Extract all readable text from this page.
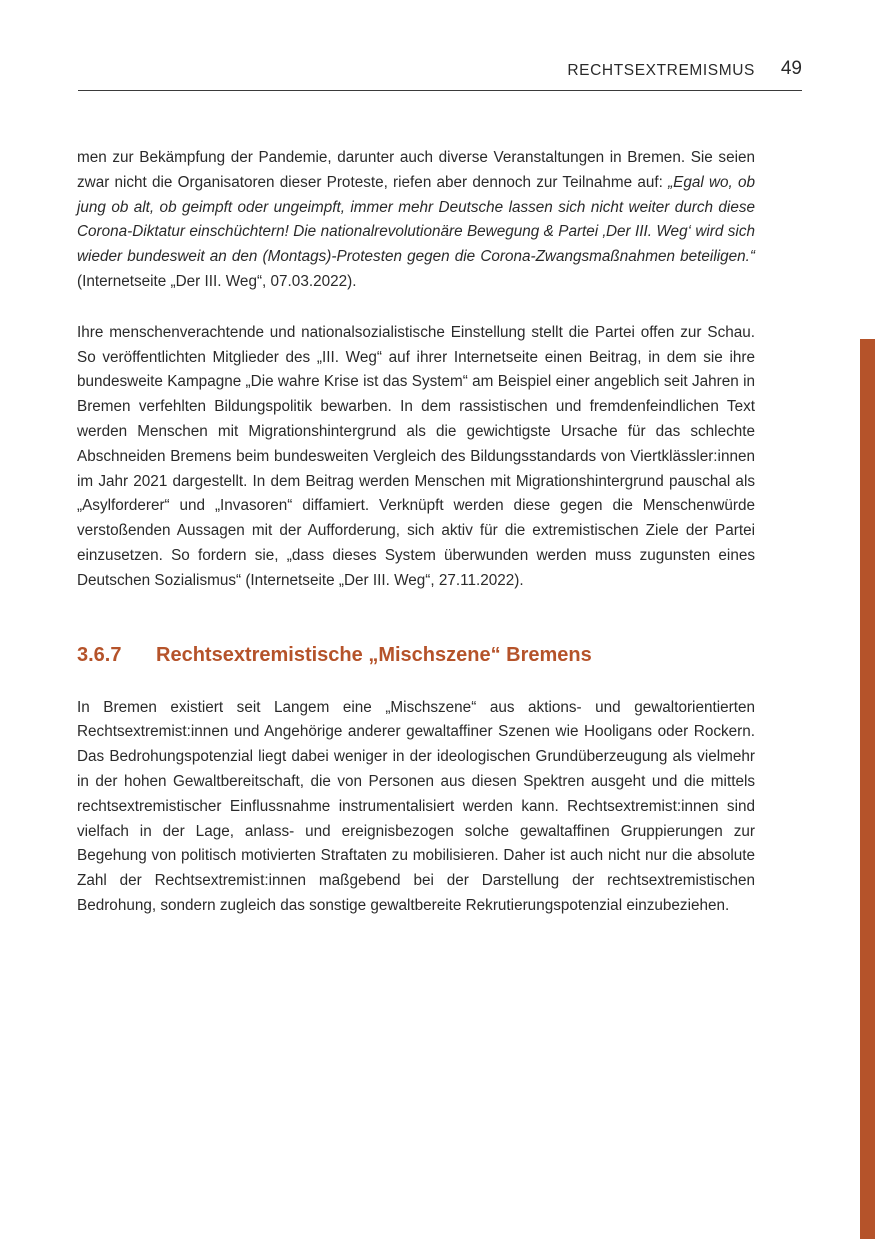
RECHTSEXTREMISMUS 49

men zur Bekämpfung der Pandemie, darunter auch diverse Veranstaltungen in Bremen. Sie seien zwar nicht die Organisatoren dieser Proteste, riefen aber dennoch zur Teilnahme auf: „Egal wo, ob jung ob alt, ob geimpft oder ungeimpft, immer mehr Deutsche lassen sich nicht weiter durch diese Corona-Diktatur einschüchtern! Die nationalrevolutionäre Bewegung & Partei ‚Der III. Weg‘ wird sich wieder bundesweit an den (Montags)-Protesten gegen die Corona-Zwangsmaßnahmen beteiligen.“ (Internetseite „Der III. Weg“, 07.03.2022).

Ihre menschenverachtende und nationalsozialistische Einstellung stellt die Partei offen zur Schau. So veröffentlichten Mitglieder des „III. Weg“ auf ihrer Internetseite einen Beitrag, in dem sie ihre bundesweite Kampagne „Die wahre Krise ist das System“ am Beispiel einer angeblich seit Jahren in Bremen verfehlten Bildungspolitik bewarben. In dem rassistischen und fremdenfeindlichen Text werden Menschen mit Migrationshintergrund als die gewichtigste Ursache für das schlechte Abschneiden Bremens beim bundesweiten Vergleich des Bildungsstandards von Viertklässler:innen im Jahr 2021 dargestellt. In dem Beitrag werden Menschen mit Migrationshintergrund pauschal als „Asylforderer“ und „Invasoren“ diffamiert. Verknüpft werden diese gegen die Menschenwürde verstoßenden Aussagen mit der Aufforderung, sich aktiv für die extremistischen Ziele der Partei einzusetzen. So fordern sie, „dass dieses System überwunden werden muss zugunsten eines Deutschen Sozialismus“ (Internetseite „Der III. Weg“, 27.11.2022).

3.6.7 Rechtsextremistische „Mischszene“ Bremens

In Bremen existiert seit Langem eine „Mischszene“ aus aktions- und gewaltorientierten Rechtsextremist:innen und Angehörige anderer gewaltaffiner Szenen wie Hooligans oder Rockern. Das Bedrohungspotenzial liegt dabei weniger in der ideologischen Grundüberzeugung als vielmehr in der hohen Gewaltbereitschaft, die von Personen aus diesen Spektren ausgeht und die mittels rechtsextremistischer Einflussnahme instrumentalisiert werden kann. Rechtsextremist:innen sind vielfach in der Lage, anlass- und ereignisbezogen solche gewaltaffinen Gruppierungen zur Begehung von politisch motivierten Straftaten zu mobilisieren. Daher ist auch nicht nur die absolute Zahl der Rechtsextremist:innen maßgebend bei der Darstellung der rechtsextremistischen Bedrohung, sondern zugleich das sonstige gewaltbereite Rekrutierungspotenzial einzubeziehen.
